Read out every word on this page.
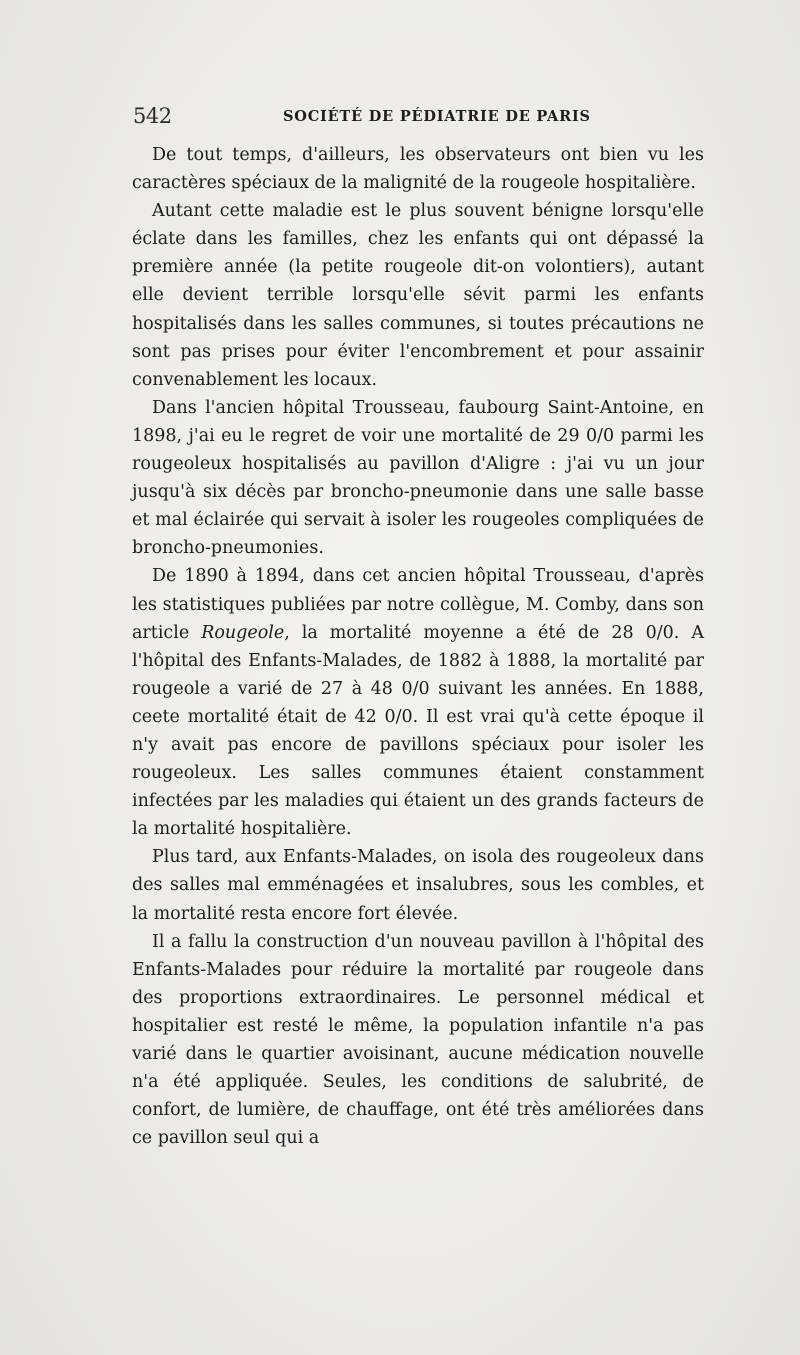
542	SOCIÉTÉ DE PÉDIATRIE DE PARIS

De tout temps, d'ailleurs, les observateurs ont bien vu les caractères spéciaux de la malignité de la rougeole hospitalière.

Autant cette maladie est le plus souvent bénigne lorsqu'elle éclate dans les familles, chez les enfants qui ont dépassé la première année (la petite rougeole dit-on volontiers), autant elle devient terrible lorsqu'elle sévit parmi les enfants hospitalisés dans les salles communes, si toutes précautions ne sont pas prises pour éviter l'encombrement et pour assainir convenablement les locaux.

Dans l'ancien hôpital Trousseau, faubourg Saint-Antoine, en 1898, j'ai eu le regret de voir une mortalité de 29 0/0 parmi les rougeoleux hospitalisés au pavillon d'Aligre : j'ai vu un jour jusqu'à six décès par broncho-pneumonie dans une salle basse et mal éclairée qui servait à isoler les rougeoles compliquées de broncho-pneumonies.

De 1890 à 1894, dans cet ancien hôpital Trousseau, d'après les statistiques publiées par notre collègue, M. Comby, dans son article Rougeole, la mortalité moyenne a été de 28 0/0. A l'hôpital des Enfants-Malades, de 1882 à 1888, la mortalité par rougeole a varié de 27 à 48 0/0 suivant les années. En 1888, ceete mortalité était de 42 0/0. Il est vrai qu'à cette époque il n'y avait pas encore de pavillons spéciaux pour isoler les rougeoleux. Les salles communes étaient constamment infectées par les maladies qui étaient un des grands facteurs de la mortalité hospitalière.

Plus tard, aux Enfants-Malades, on isola des rougeoleux dans des salles mal emménagées et insalubres, sous les combles, et la mortalité resta encore fort élevée.

Il a fallu la construction d'un nouveau pavillon à l'hôpital des Enfants-Malades pour réduire la mortalité par rougeole dans des proportions extraordinaires. Le personnel médical et hospitalier est resté le même, la population infantile n'a pas varié dans le quartier avoisinant, aucune médication nouvelle n'a été appliquée. Seules, les conditions de salubrité, de confort, de lumière, de chauffage, ont été très améliorées dans ce pavillon seul qui a
